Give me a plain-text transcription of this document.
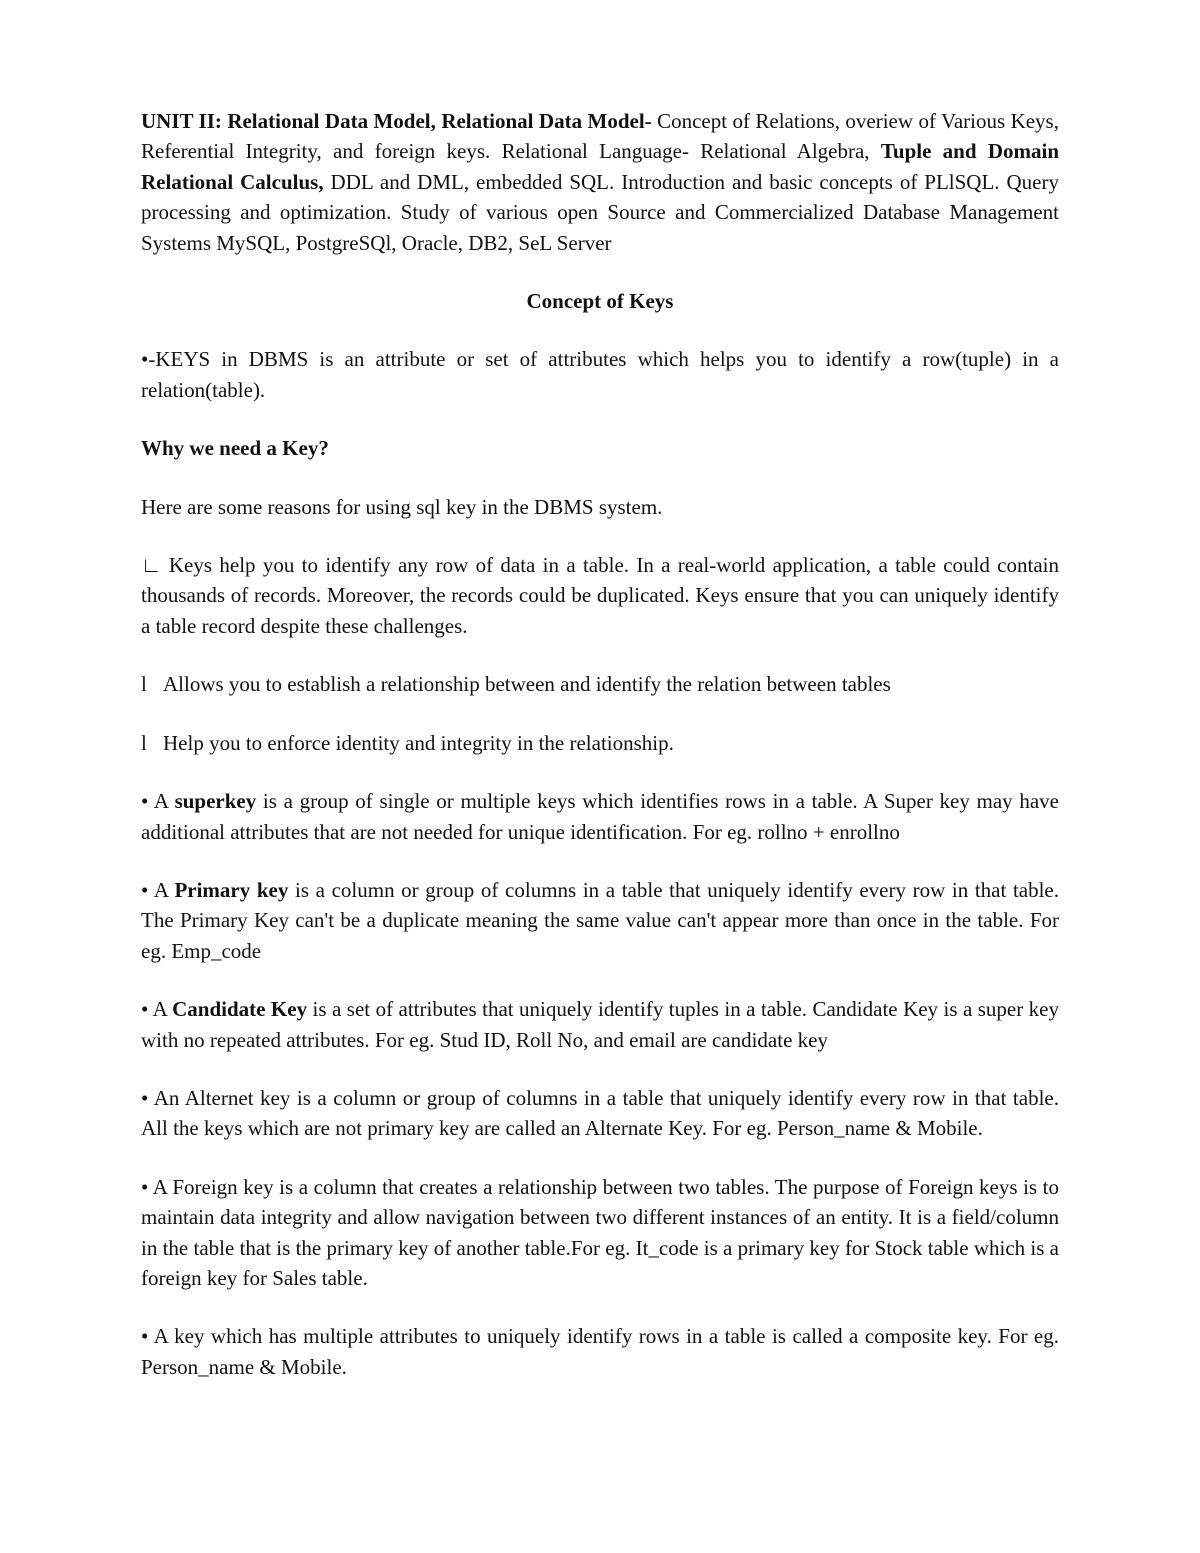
UNIT II: Relational Data Model, Relational Data Model- Concept of Relations, overiew of Various Keys, Referential Integrity, and foreign keys. Relational Language- Relational Algebra, Tuple and Domain Relational Calculus, DDL and DML, embedded SQL. Introduction and basic concepts of PLlSQL. Query processing and optimization. Study of various open Source and Commercialized Database Management Systems MySQL, PostgreSQl, Oracle, DB2, SeL Server

Concept of Keys

•-KEYS in DBMS is an attribute or set of attributes which helps you to identify a row(tuple) in a relation(table).

Why we need a Key?

Here are some reasons for using sql key in the DBMS system.

∟ Keys help you to identify any row of data in a table. In a real-world application, a table could contain thousands of records. Moreover, the records could be duplicated. Keys ensure that you can uniquely identify a table record despite these challenges.

l Allows you to establish a relationship between and identify the relation between tables

l Help you to enforce identity and integrity in the relationship.

• A superkey is a group of single or multiple keys which identifies rows in a table. A Super key may have additional attributes that are not needed for unique identification. For eg. rollno + enrollno

• A Primary key is a column or group of columns in a table that uniquely identify every row in that table. The Primary Key can't be a duplicate meaning the same value can't appear more than once in the table. For eg. Emp_code

• A Candidate Key is a set of attributes that uniquely identify tuples in a table. Candidate Key is a super key with no repeated attributes. For eg. Stud ID, Roll No, and email are candidate key

• An Alternet key is a column or group of columns in a table that uniquely identify every row in that table. All the keys which are not primary key are called an Alternate Key. For eg. Person_name & Mobile.

• A Foreign key is a column that creates a relationship between two tables. The purpose of Foreign keys is to maintain data integrity and allow navigation between two different instances of an entity. It is a field/column in the table that is the primary key of another table.For eg. It_code is a primary key for Stock table which is a foreign key for Sales table.

• A key which has multiple attributes to uniquely identify rows in a table is called a composite key. For eg. Person_name & Mobile.
